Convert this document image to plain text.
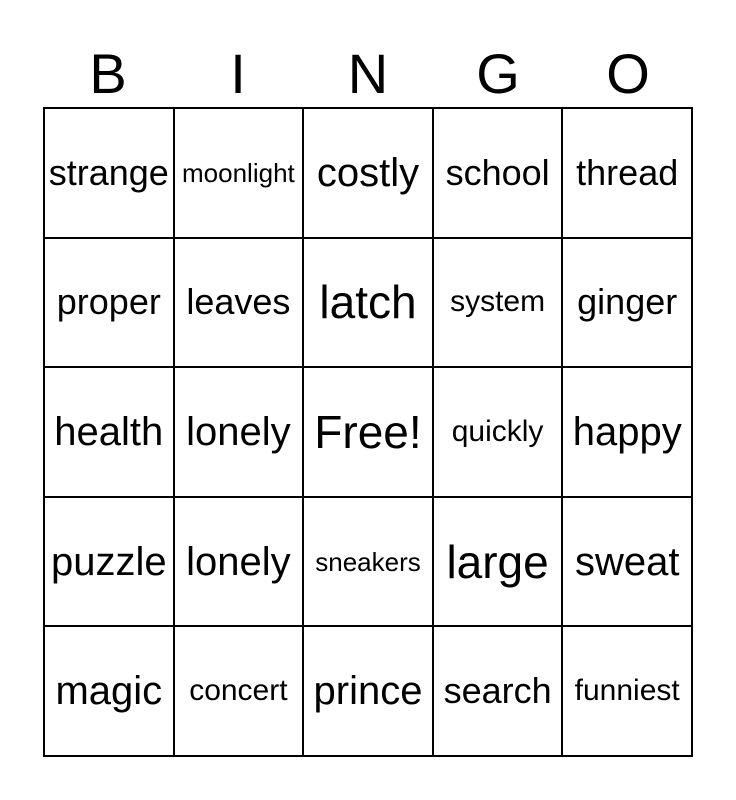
B	I	N	G	O
strange moonlight costly school thread
proper leaves latch	system ginger
health lonely Free!	quickly happy
puzzle lonely sneakers large sweat
magic concert prince search funniest
